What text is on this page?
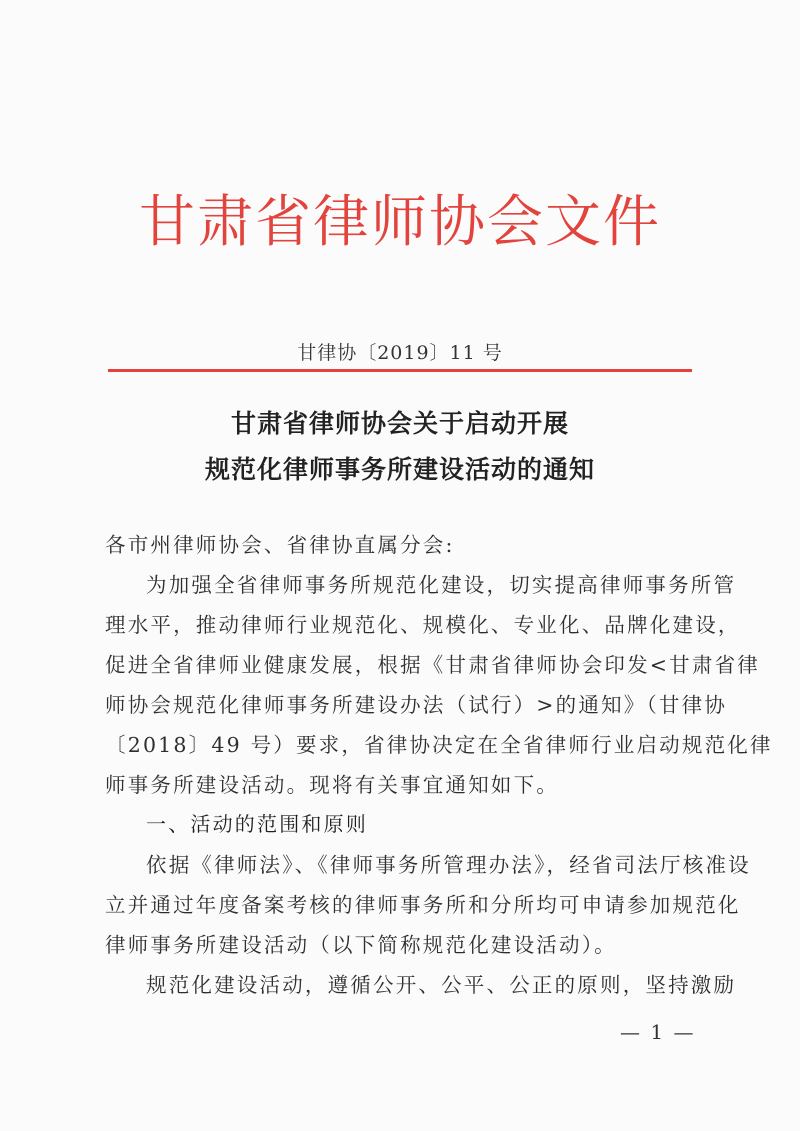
甘肃省律师协会文件
甘律协〔2019〕11 号
甘肃省律师协会关于启动开展
规范化律师事务所建设活动的通知
各市州律师协会、省律协直属分会:
为加强全省律师事务所规范化建设，切实提高律师事务所管
理水平，推动律师行业规范化、规模化、专业化、品牌化建设，
促进全省律师业健康发展，根据《甘肃省律师协会印发<甘肃省律
师协会规范化律师事务所建设办法（试行）>的通知》（甘律协
〔2018〕49 号）要求，省律协决定在全省律师行业启动规范化律
师事务所建设活动。现将有关事宜通知如下。
一、活动的范围和原则
依据《律师法》、《律师事务所管理办法》，经省司法厅核准设
立并通过年度备案考核的律师事务所和分所均可申请参加规范化
律师事务所建设活动（以下简称规范化建设活动）。
规范化建设活动，遵循公开、公平、公正的原则，坚持激励
— 1 —
